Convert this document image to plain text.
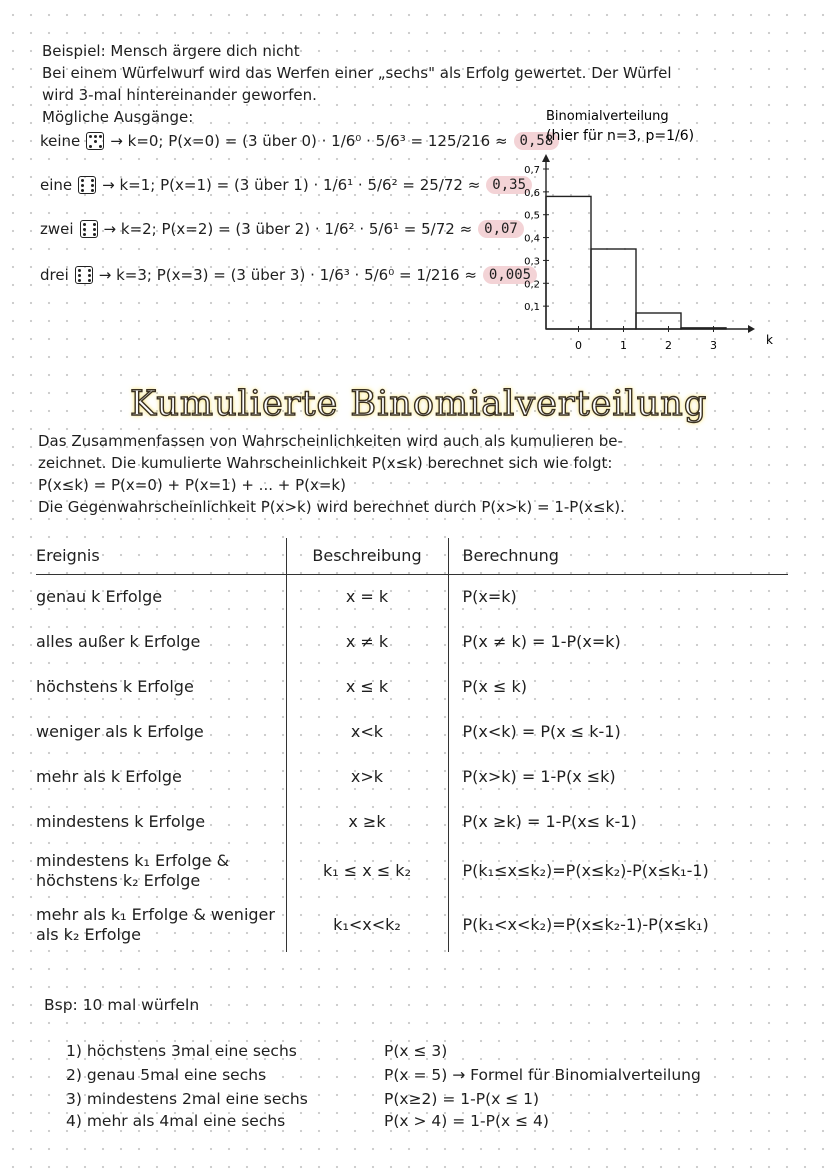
Beispiel: Mensch ärgere dich nicht
Bei einem Würfelwurf wird das Werfen einer „sechs" als Erfolg gewertet. Der Würfel
wird 3-mal hintereinander geworfen.
Mögliche Ausgänge:
keine → k=0; P(x=0) = (3 über 0) · 1/6⁰ · 5/6³ = 125/216 ≈ 0,58
eine → k=1; P(x=1) = (3 über 1) · 1/6¹ · 5/6² = 25/72 ≈ 0,35
zwei → k=2; P(x=2) = (3 über 2) · 1/6² · 5/6¹ = 5/72 ≈ 0,07
drei → k=3; P(x=3) = (3 über 3) · 1/6³ · 5/6⁰ = 1/216 ≈ 0,005
Binomialverteilung
(hier für n=3, p=1/6)
0,1
0,2
0,3
0,4
0,5
0,6
0,7
0	1	2	3	k
Kumulierte Binomialverteilung
Das Zusammenfassen von Wahrscheinlichkeiten wird auch als kumulieren be-
zeichnet. Die kumulierte Wahrscheinlichkeit P(x≤k) berechnet sich wie folgt:
P(x≤k) = P(x=0) + P(x=1) + ... + P(x=k)
Die Gegenwahrscheinlichkeit P(x>k) wird berechnet durch P(x>k) = 1-P(x≤k).
Ereignis	Beschreibung	Berechnung
genau k Erfolge	x = k	P(x=k)
alles außer k Erfolge	x ≠ k	P(x ≠ k) = 1-P(x=k)
höchstens k Erfolge	x ≤ k	P(x ≤ k)
weniger als k Erfolge	x<k	P(x<k) = P(x ≤ k-1)
mehr als k Erfolge	x>k	P(x>k) = 1-P(x ≤k)
mindestens k Erfolge	x ≥k	P(x ≥k) = 1-P(x≤ k-1)
mindestens k₁ Erfolge & höchstens k₂ Erfolge	k₁ ≤ x ≤ k₂	P(k₁≤x≤k₂)=P(x≤k₂)-P(x≤k₁-1)
mehr als k₁ Erfolge & weniger als k₂ Erfolge	k₁<x<k₂	P(k₁<x<k₂)=P(x≤k₂-1)-P(x≤k₁)
Bsp: 10 mal würfeln
1) höchstens 3mal eine sechs	P(x ≤ 3)
2) genau 5mal eine sechs	P(x = 5) → Formel für Binomialverteilung
3) mindestens 2mal eine sechs	P(x≥2) = 1-P(x ≤ 1)
4) mehr als 4mal eine sechs	P(x > 4) = 1-P(x ≤ 4)
